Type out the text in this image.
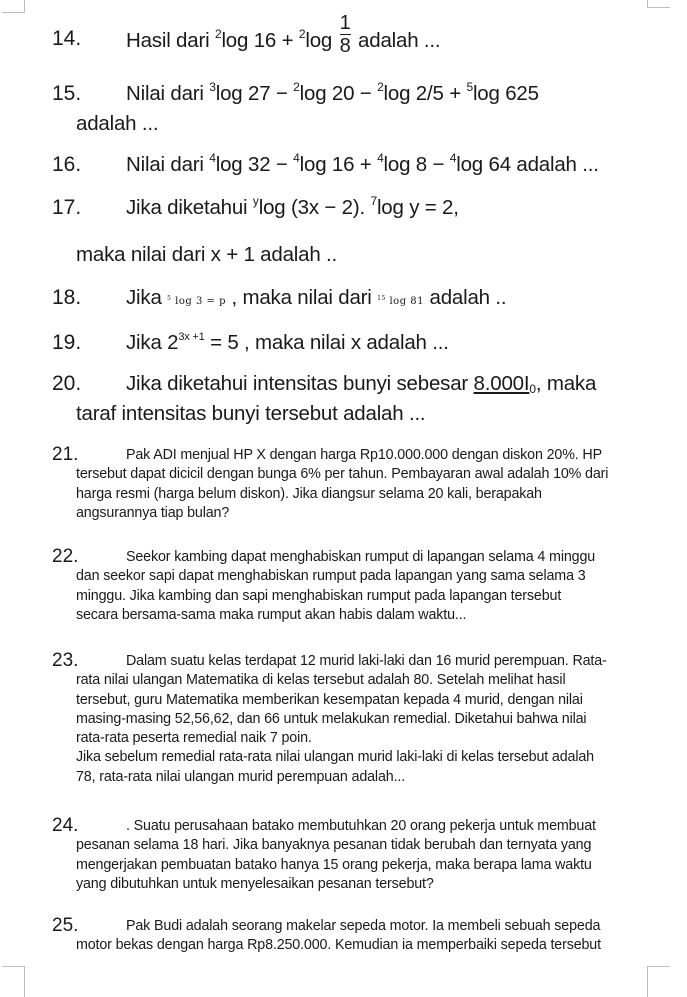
14. Hasil dari $^2$log $16 + ^2\log \frac{1}{8}$ adalah ...
15. Nilai dari $^3$log 27 − $^2$log 20 − $^2$log 2/5 + $^5$log 625
adalah ...
16. Nilai dari $^4$log 32 − $^4$log 16 + $^4$log 8 − $^4$log 64 adalah ...
17. Jika diketahui $^y$log (3x − 2). $^7$log y = 2,
maka nilai dari x + 1 adalah ..
18. Jika $^5$ log 3 = p , maka nilai dari $^{15}$ log 81 adalah ..
19. Jika $2^{3x +1} = 5$ , maka nilai x adalah ...
20. Jika diketahui intensitas bunyi sebesar 8.000I0, maka
taraf intensitas bunyi tersebut adalah ...
21.	Pak ADI menjual HP X dengan harga Rp10.000.000 dengan diskon 20%. HP
tersebut dapat dicicil dengan bunga 6% per tahun. Pembayaran awal adalah 10% dari
harga resmi (harga belum diskon). Jika diangsur selama 20 kali, berapakah
angsurannya tiap bulan?
22.	Seekor kambing dapat menghabiskan rumput di lapangan selama 4 minggu
dan seekor sapi dapat menghabiskan rumput pada lapangan yang sama selama 3
minggu. Jika kambing dan sapi menghabiskan rumput pada lapangan tersebut
secara bersama-sama maka rumput akan habis dalam waktu...
23.	Dalam suatu kelas terdapat 12 murid laki-laki dan 16 murid perempuan. Rata-
rata nilai ulangan Matematika di kelas tersebut adalah 80. Setelah melihat hasil
tersebut, guru Matematika memberikan kesempatan kepada 4 murid, dengan nilai
masing-masing 52,56,62, dan 66 untuk melakukan remedial. Diketahui bahwa nilai
rata-rata peserta remedial naik 7 poin.
Jika sebelum remedial rata-rata nilai ulangan murid laki-laki di kelas tersebut adalah
78, rata-rata nilai ulangan murid perempuan adalah...
24.	. Suatu perusahaan batako membutuhkan 20 orang pekerja untuk membuat
pesanan selama 18 hari. Jika banyaknya pesanan tidak berubah dan ternyata yang
mengerjakan pembuatan batako hanya 15 orang pekerja, maka berapa lama waktu
yang dibutuhkan untuk menyelesaikan pesanan tersebut?
25.	Pak Budi adalah seorang makelar sepeda motor. Ia membeli sebuah sepeda
motor bekas dengan harga Rp8.250.000. Kemudian ia memperbaiki sepeda tersebut
